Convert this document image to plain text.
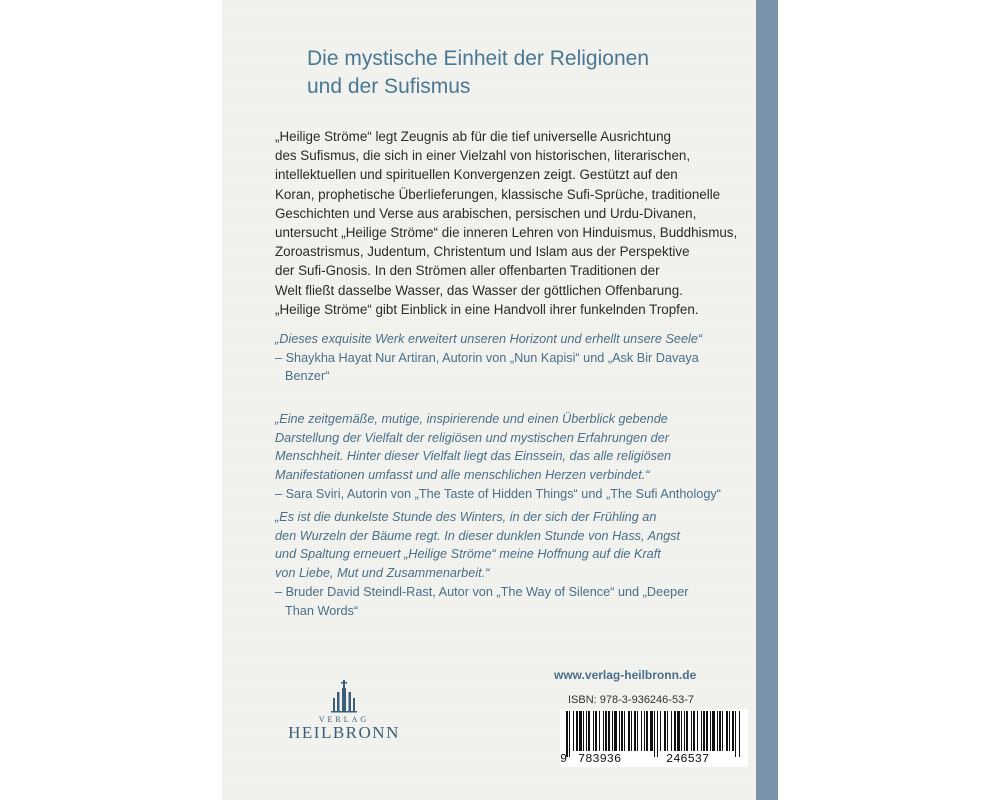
Die mystische Einheit der Religionen
und der Sufismus
„Heilige Ströme“ legt Zeugnis ab für die tief universelle Ausrichtung
des Sufismus, die sich in einer Vielzahl von historischen, literarischen,
intellektuellen und spirituellen Konvergenzen zeigt. Gestützt auf den
Koran, prophetische Überlieferungen, klassische Sufi-Sprüche, traditionelle
Geschichten und Verse aus arabischen, persischen und Urdu-Divanen,
untersucht „Heilige Ströme“ die inneren Lehren von Hinduismus, Buddhismus,
Zoroastrismus, Judentum, Christentum und Islam aus der Perspektive
der Sufi-Gnosis. In den Strömen aller offenbarten Traditionen der
Welt fließt dasselbe Wasser, das Wasser der göttlichen Offenbarung.
„Heilige Ströme“ gibt Einblick in eine Handvoll ihrer funkelnden Tropfen.
„Dieses exquisite Werk erweitert unseren Horizont und erhellt unsere Seele“
– Shaykha Hayat Nur Artiran, Autorin von „Nun Kapisi“ und „Ask Bir Davaya
Benzer“
„Eine zeitgemäße, mutige, inspirierende und einen Überblick gebende
Darstellung der Vielfalt der religiösen und mystischen Erfahrungen der
Menschheit. Hinter dieser Vielfalt liegt das Einssein, das alle religiösen
Manifestationen umfasst und alle menschlichen Herzen verbindet.“
– Sara Sviri, Autorin von „The Taste of Hidden Things“ und „The Sufi Anthology“
„Es ist die dunkelste Stunde des Winters, in der sich der Frühling an
den Wurzeln der Bäume regt. In dieser dunklen Stunde von Hass, Angst
und Spaltung erneuert „Heilige Ströme“ meine Hoffnung auf die Kraft
von Liebe, Mut und Zusammenarbeit.“
– Bruder David Steindl-Rast, Autor von „The Way of Silence“ und „Deeper
Than Words“
VERLAG
HEILBRONN
www.verlag-heilbronn.de
ISBN: 978-3-936246-53-7
9 783936	246537
